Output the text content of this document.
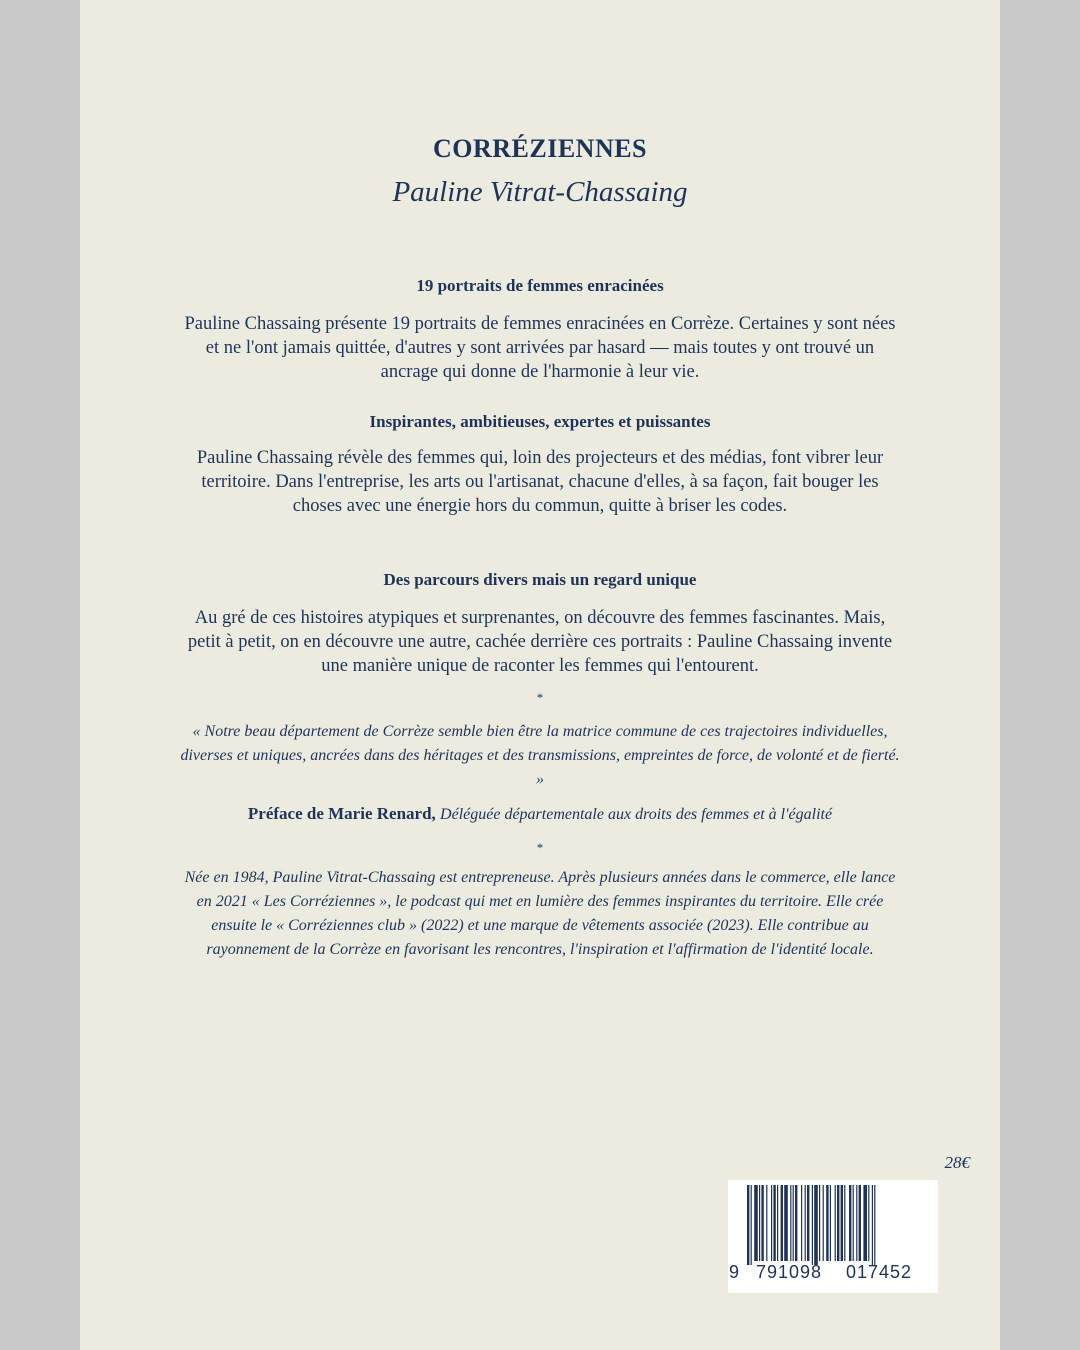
CORRÉZIENNES
Pauline Vitrat-Chassaing
19 portraits de femmes enracinées
Pauline Chassaing présente 19 portraits de femmes enracinées en Corrèze. Certaines y sont nées et ne l'ont jamais quittée, d'autres y sont arrivées par hasard — mais toutes y ont trouvé un ancrage qui donne de l'harmonie à leur vie.
Inspirantes, ambitieuses, expertes et puissantes
Pauline Chassaing révèle des femmes qui, loin des projecteurs et des médias, font vibrer leur territoire. Dans l'entreprise, les arts ou l'artisanat, chacune d'elles, à sa façon, fait bouger les choses avec une énergie hors du commun, quitte à briser les codes.
Des parcours divers mais un regard unique
Au gré de ces histoires atypiques et surprenantes, on découvre des femmes fascinantes. Mais, petit à petit, on en découvre une autre, cachée derrière ces portraits : Pauline Chassaing invente une manière unique de raconter les femmes qui l'entourent.
*
« Notre beau département de Corrèze semble bien être la matrice commune de ces trajectoires individuelles, diverses et uniques, ancrées dans des héritages et des transmissions, empreintes de force, de volonté et de fierté. »
Préface de Marie Renard, Déléguée départementale aux droits des femmes et à l'égalité
*
Née en 1984, Pauline Vitrat-Chassaing est entrepreneuse. Après plusieurs années dans le commerce, elle lance en 2021 « Les Corréziennes », le podcast qui met en lumière des femmes inspirantes du territoire. Elle crée ensuite le « Corréziennes club » (2022) et une marque de vêtements associée (2023). Elle contribue au rayonnement de la Corrèze en favorisant les rencontres, l'inspiration et l'affirmation de l'identité locale.
28€
9 791098 017452
